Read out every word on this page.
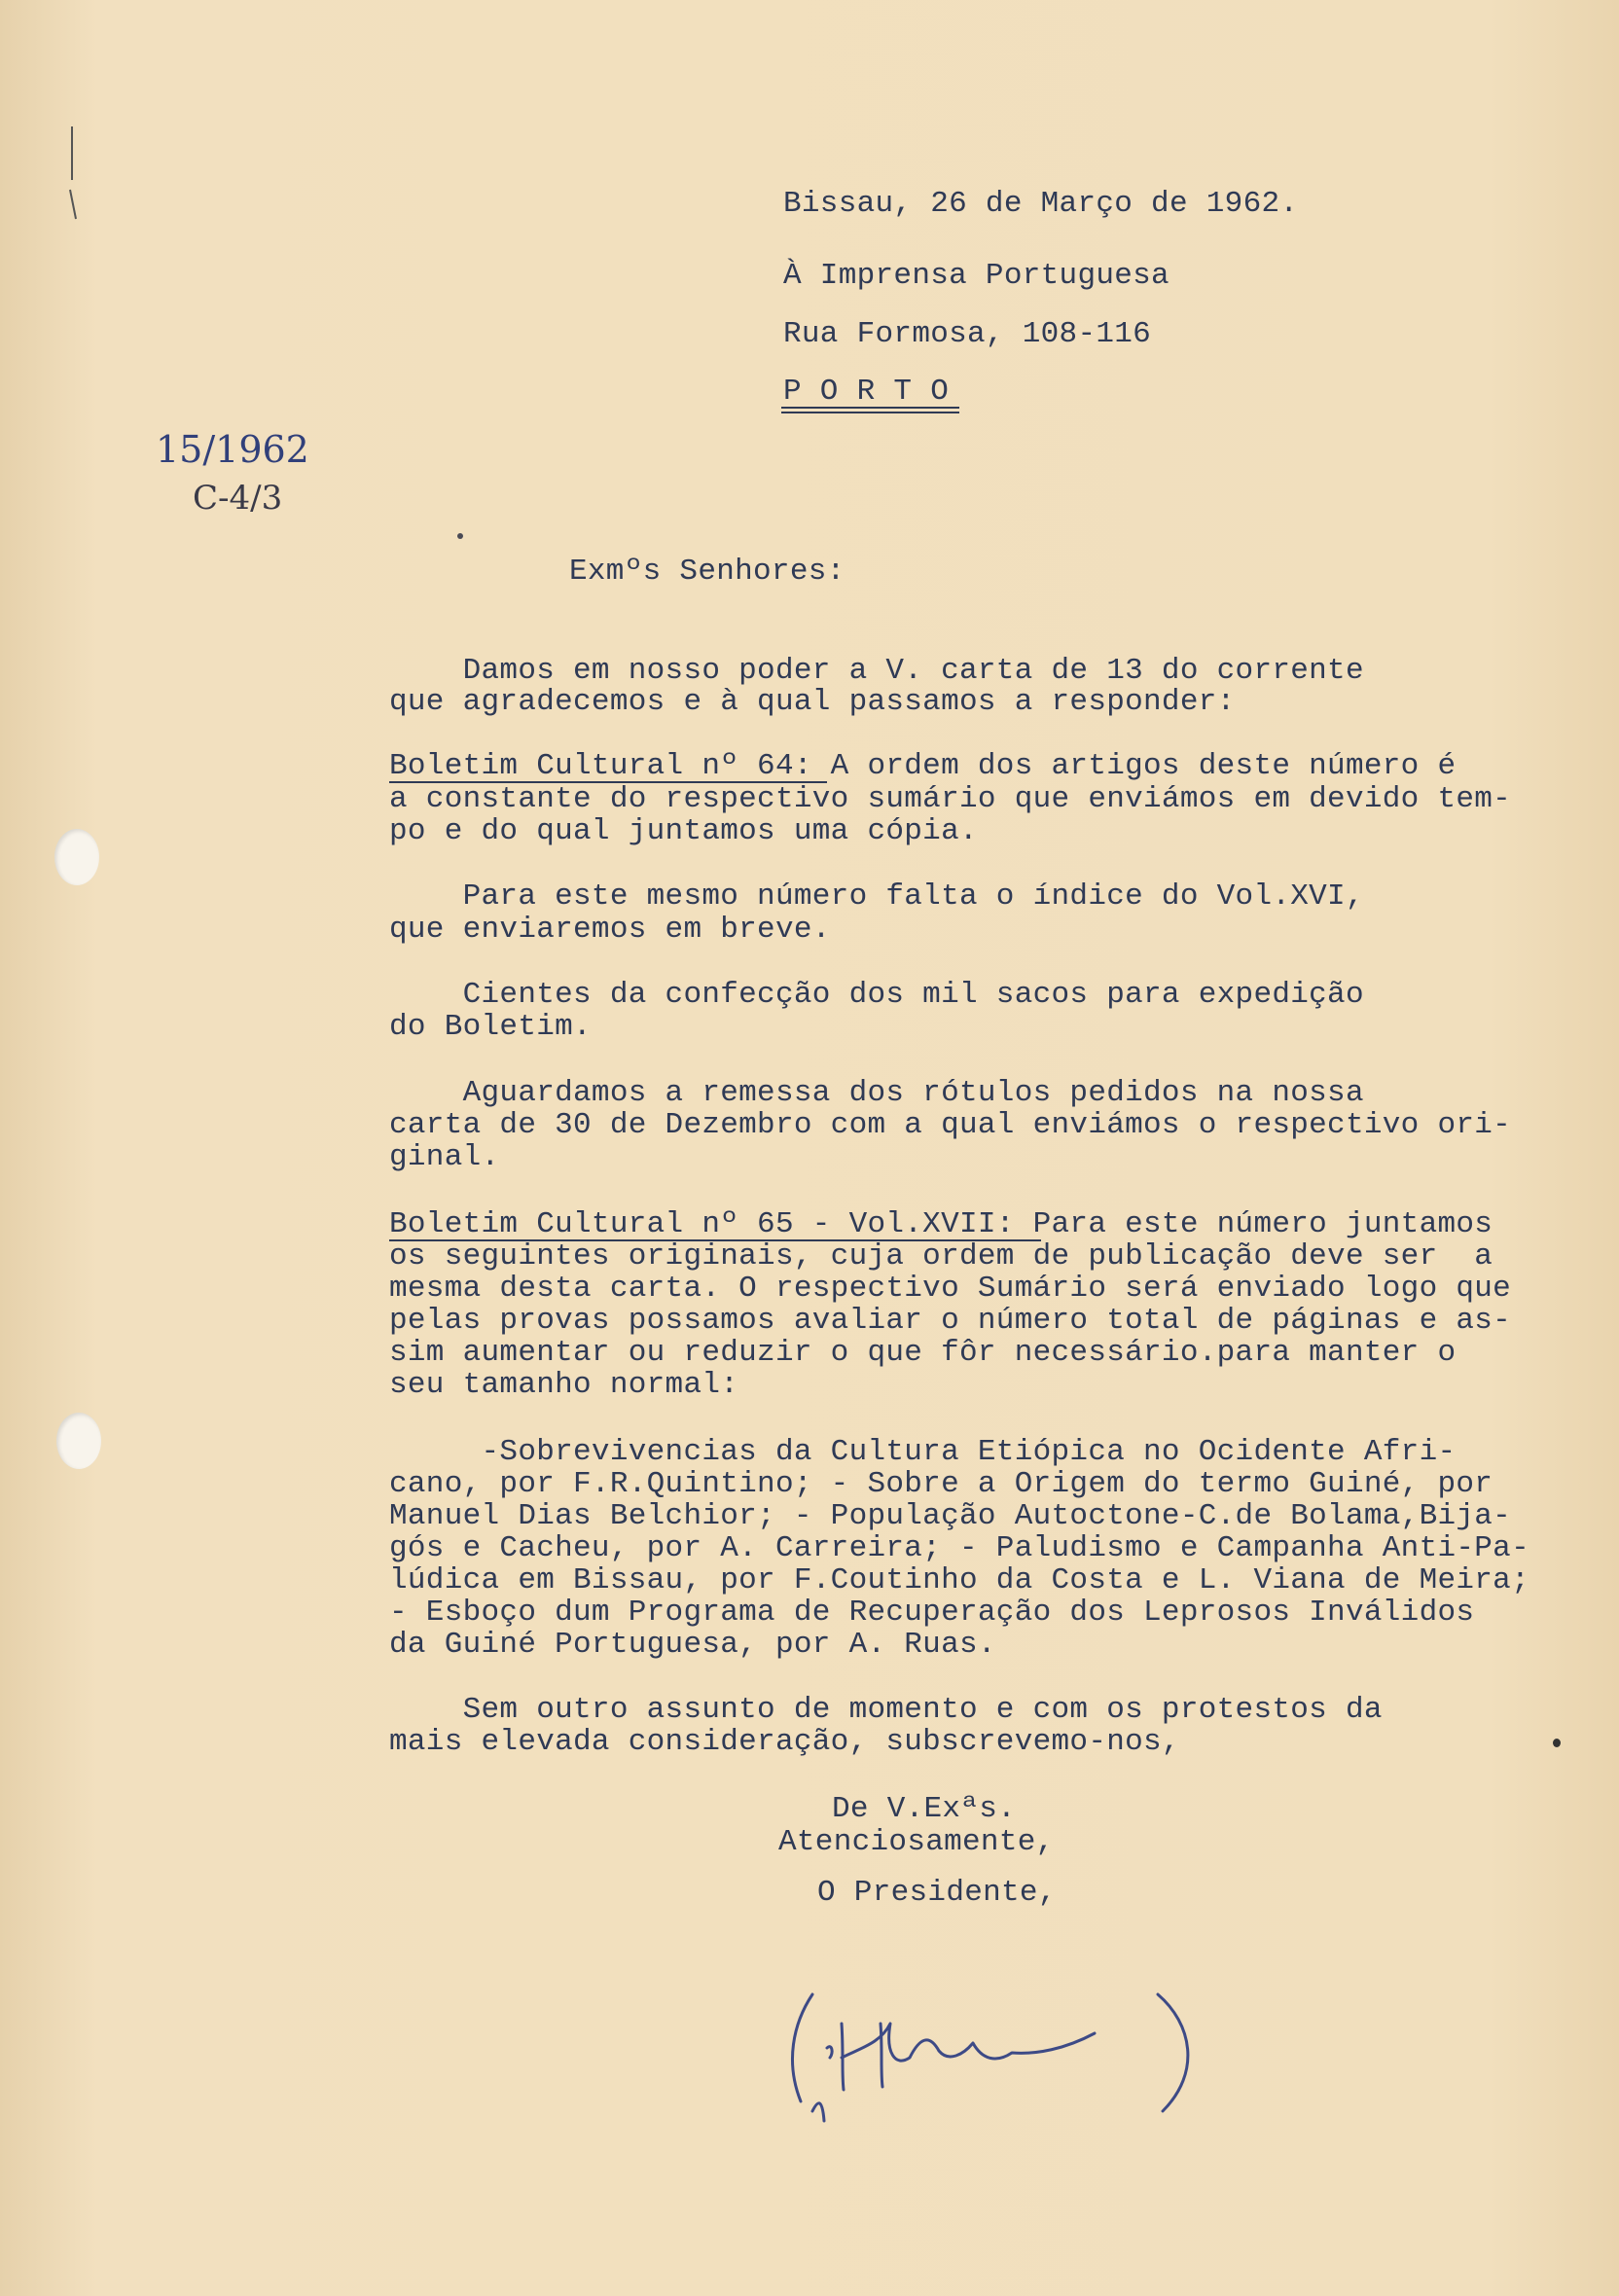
Bissau, 26 de Março de 1962.
À Imprensa Portuguesa
Rua Formosa, 108-116
P O R T O
15/1962
C-4/3
Exmºs Senhores:
Damos em nosso poder a V. carta de 13 do corrente
que agradecemos e à qual passamos a responder:
Boletim Cultural nº 64: A ordem dos artigos deste número é
a constante do respectivo sumário que enviámos em devido tem-
po e do qual juntamos uma cópia.
Para este mesmo número falta o índice do Vol.XVI,
que enviaremos em breve.
Cientes da confecção dos mil sacos para expedição
do Boletim.
Aguardamos a remessa dos rótulos pedidos na nossa
carta de 30 de Dezembro com a qual enviámos o respectivo ori-
ginal.
Boletim Cultural nº 65 - Vol.XVII: Para este número juntamos
os seguintes originais, cuja ordem de publicação deve ser  a
mesma desta carta. O respectivo Sumário será enviado logo que
pelas provas possamos avaliar o número total de páginas e as-
sim aumentar ou reduzir o que fôr necessário.para manter o
seu tamanho normal:
-Sobrevivencias da Cultura Etiópica no Ocidente Afri-
cano, por F.R.Quintino; - Sobre a Origem do termo Guiné, por
Manuel Dias Belchior; - População Autoctone-C.de Bolama,Bija-
gós e Cacheu, por A. Carreira; - Paludismo e Campanha Anti-Pa-
lúdica em Bissau, por F.Coutinho da Costa e L. Viana de Meira;
- Esboço dum Programa de Recuperação dos Leprosos Inválidos
da Guiné Portuguesa, por A. Ruas.
Sem outro assunto de momento e com os protestos da
mais elevada consideração, subscrevemo-nos,
De V.Exªs.
Atenciosamente,
O Presidente,
